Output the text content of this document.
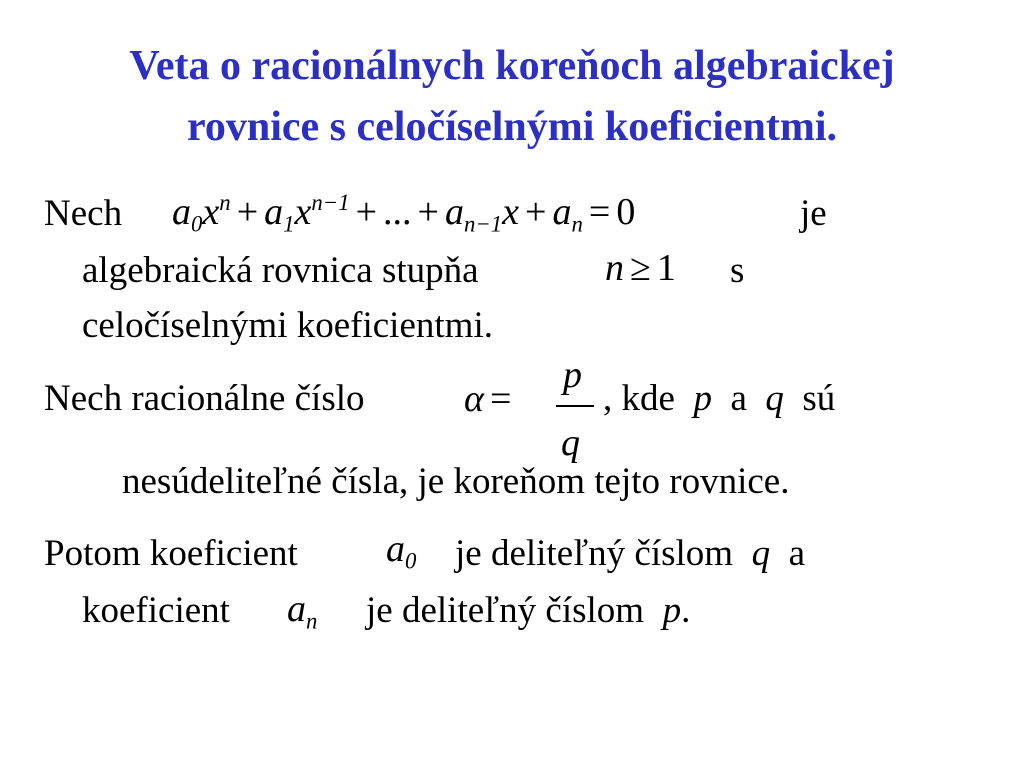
Veta o racionálnych koreňoch algebraickej
rovnice s celočíselnými koeficientmi.
Nech $a_0x^n + a_1x^{n-1}$ + ... + $a_{n-1}x + a_n = 0$	je
algebraická rovnica stupňa	n ≥ 1 s
celočíselnými koeficientmi.
Nech racionálne číslo	α =
p
q
, kde p a q sú
nesúdeliteľné čísla, je koreňom tejto rovnice.
Potom koeficient $a_0$ je deliteľný číslom q a
koeficient $a_n$ je deliteľný číslom p.
